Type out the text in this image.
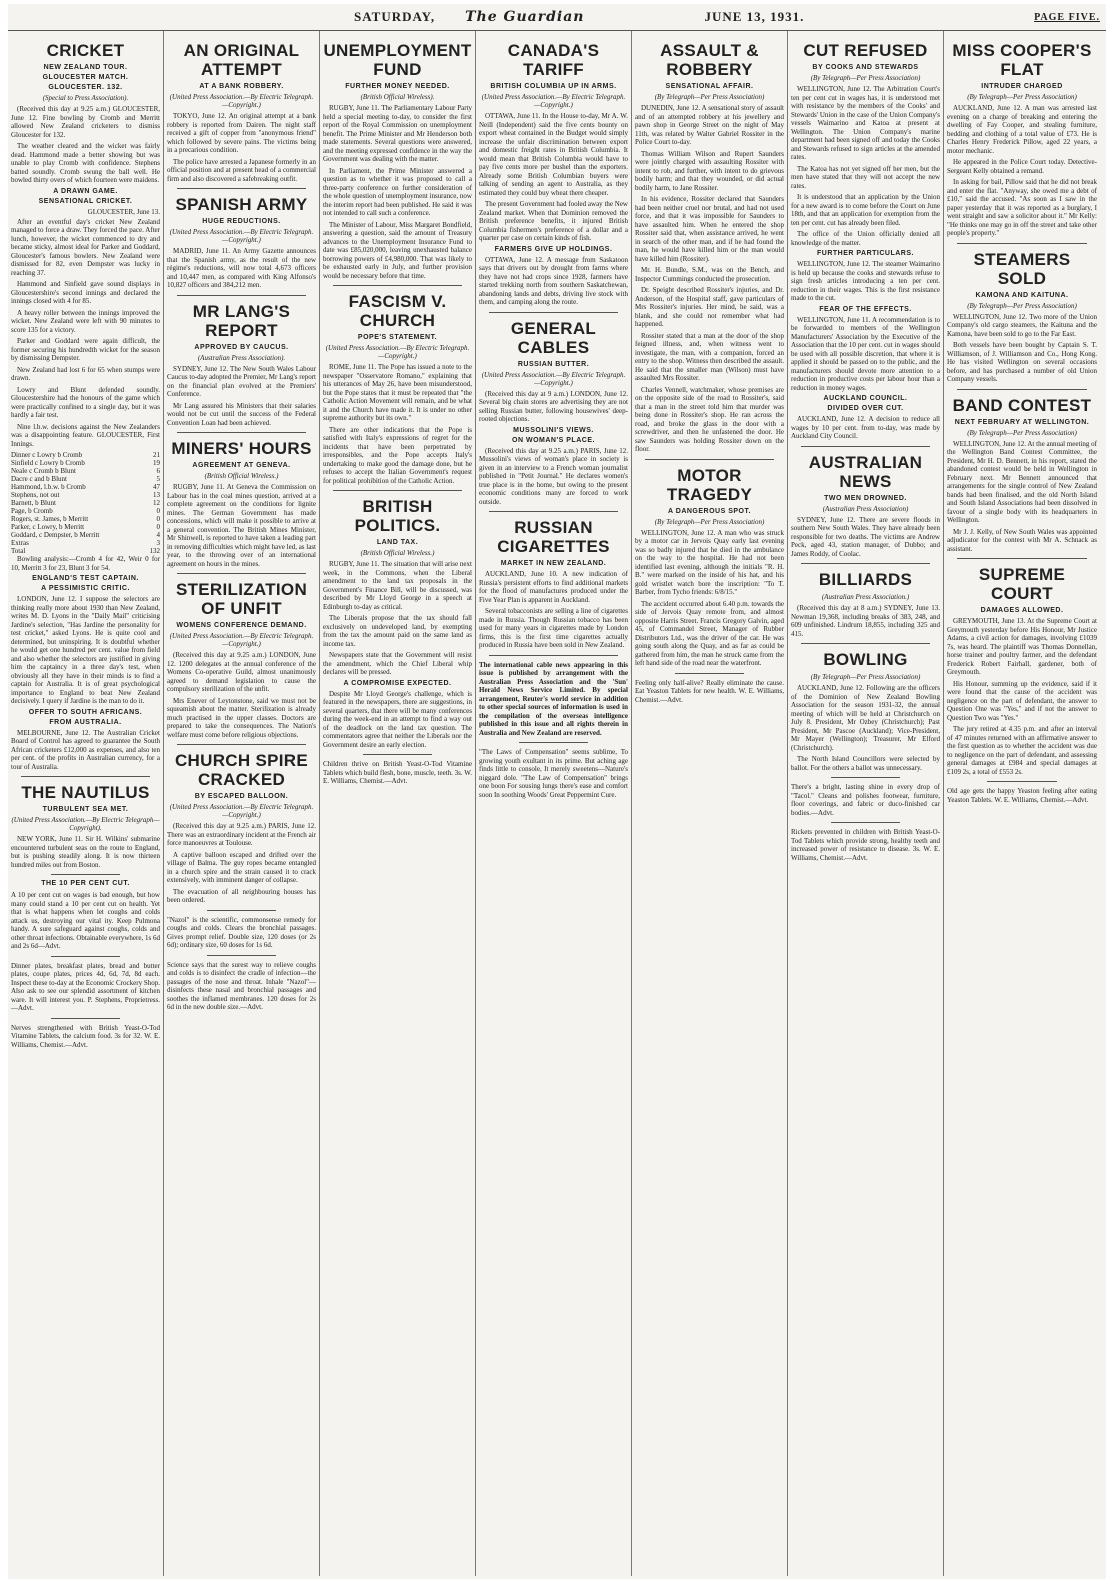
SATURDAY, The Guardian	JUNE 13, 1931.	PAGE FIVE.
CRICKET
NEW ZEALAND TOUR.
GLOUCESTER MATCH.
GLOUCESTER. 132.
(Special to Press Association).

(Received this day at 9.25 a.m.) GLOUCESTER, June 12. Fine bowling by Cromb and Merritt allowed New Zealand cricketers to dismiss Gloucester for 132.

The weather cleared and the wicket was fairly dead. Hammond made a better showing but was unable to play Cromb with confidence. Stephens batted soundly. Cromb swung the ball well. He bowled thirty overs of which fourteen were maidens.

A DRAWN GAME.
SENSATIONAL CRICKET.
GLOUCESTER, June 13.

After an eventful day's cricket New Zealand managed to force a draw. They forced the pace. After lunch, however, the wicket commenced to dry and became sticky, almost ideal for Parker and Goddard, Gloucester's famous bowlers. New Zealand were dismissed for 82, even Dempster was lucky in reaching 37.

Hammond and Sinfield gave sound displays in Gloucestershire's second innings and declared the innings closed with 4 for 85.

A heavy roller between the innings improved the wicket. New Zealand were left with 90 minutes to score 135 for a victory.

Parker and Goddard were again difficult, the former securing his hundredth wicket for the season by dismissing Dempster.

New Zealand had lost 6 for 65 when stumps were drawn.

Lowry and Blunt defended soundly. Gloucestershire had the honours of the game which were practically confined to a single day, but it was hardly a fair test.

Nine l.b.w. decisions against the New Zealanders was a disappointing feature. GLOUCESTER, First Innings.

Dinner c Lowry b Cromb	21
Sinfield c Lowry b Cromb	19
Neale c Cromb b Blunt	6
Dacre c and b Blunt	5
Hammond, l.b.w. b Cromb	47
Stephens, not out	13
Barnett, b Blunt	12
Page, b Cromb	0
Rogers, st. James, b Merritt	0
Parker, c Lowry, b Merritt	0
Goddard, c Dempster, b Merritt	4
Extras	3
Total	132

Bowling analysis:—Cromb 4 for 42, Weir 0 for 10, Merritt 3 for 23, Blunt 3 for 54.

ENGLAND'S TEST CAPTAIN.
A PESSIMISTIC CRITIC.

LONDON, June 12. I suppose the selectors are thinking really more about 1930 than New Zealand, writes M. D. Lyons in the "Daily Mail" criticising Jardine's selection, "Has Jardine the personality for test cricket," asked Lyons. He is quite cool and determined, but uninspiring. It is doubtful whether he would get one hundred per cent. value from field and also whether the selectors are justified in giving him the captaincy in a three day's test, when obviously all they have in their minds is to find a captain for Australia. It is of great psychological importance to England to beat New Zealand decisively. I query if Jardine is the man to do it.

OFFER TO SOUTH AFRICANS.
FROM AUSTRALIA.

MELBOURNE, June 12. The Australian Cricket Board of Control has agreed to guarantee the South African cricketers £12,000 as expenses, and also ten per cent. of the profits in Australian currency, for a tour of Australia.

THE NAUTILUS
TURBULENT SEA MET.
(United Press Association.—By Electric Telegraph—Copyright).

NEW YORK, June 11. Sir H. Wilkins' submarine encountered turbulent seas on the route to England, but is pushing steadily along. It is now thirteen hundred miles out from Boston.

THE 10 PER CENT CUT.

A 10 per cent cut on wages is bad enough, but how many could stand a 10 per cent cut on health. Yet that is what happens when let coughs and colds attack us, destroying our vital ity. Keep Pulmona handy. A sure safeguard against coughs, colds and other throat infections. Obtainable everywhere, 1s 6d and 2s 6d—Advt.

Dinner plates, breakfast plates, bread and butter plates, coupe plates, prices 4d, 6d, 7d, 8d each. Inspect these to-day at the Economic Crockery Shop. Also ask to see our splendid assortment of kitchen ware. It will interest you. P. Stephens, Proprietress.—Advt.

Nerves strengthened with British Yeast-O-Tod Vitamine Tablets, the calcium food. 3s for 32. W. E. Williams, Chemist.—Advt.

AN ORIGINAL ATTEMPT
AT A BANK ROBBERY.
(United Press Association.—By Electric Telegraph.—Copyright.)

TOKYO, June 12. An original attempt at a bank robbery is reported from Dairen. The night staff received a gift of copper from "anonymous friend" which followed by severe pains. The victims being in a precarious condition.

The police have arrested a Japanese formerly in an official position and at present head of a commercial firm and also discovered a safebreaking outfit.

SPANISH ARMY
HUGE REDUCTIONS.
(United Press Association.—By Electric Telegraph.—Copyright.)

MADRID, June 11. An Army Gazette announces that the Spanish army, as the result of the new régime's reductions, will now total 4,673 officers and 10,447 men, as compared with King Alfonso's 10,827 officers and 384,212 men.

MR LANG'S REPORT
APPROVED BY CAUCUS.
(Australian Press Association).

SYDNEY, June 12. The New South Wales Labour Caucus to-day adopted the Premier, Mr Lang's report on the financial plan evolved at the Premiers' Conference.

Mr Lang assured his Ministers that their salaries would not be cut until the success of the Federal Convention Loan had been achieved.

MINERS' HOURS
AGREEMENT AT GENEVA.
(British Official Wireless.)

RUGBY, June 11. At Geneva the Commission on Labour has in the coal mines question, arrived at a complete agreement on the conditions for lignite mines. The German Government has made concessions, which will make it possible to arrive at a general convention. The British Mines Minister, Mr Shinwell, is reported to have taken a leading part in removing difficulties which might have led, as last year, to the throwing over of an international agreement on hours in the mines.

STERILIZATION OF UNFIT
WOMENS CONFERENCE DEMAND.
(United Press Association.—By Electric Telegraph.—Copyright.)

(Received this day at 9.25 a.m.) LONDON, June 12. 1200 delegates at the annual conference of the Womens Co-operative Guild, almost unanimously agreed to demand legislation to cause the compulsory sterilization of the unfit.

Mrs Enever of Leytonstone, said we must not be squeamish about the matter. Sterilization is already much practised in the upper classes. Doctors are prepared to take the consequences. The Nation's welfare must come before religious objections.

CHURCH SPIRE CRACKED
BY ESCAPED BALLOON.
(United Press Association.—By Electric Telegraph.—Copyright.)

(Received this day at 9.25 a.m.) PARIS, June 12. There was an extraordinary incident at the French air force manoeuvres at Toulouse.

A captive balloon escaped and drifted over the village of Balma. The guy ropes became entangled in a church spire and the strain caused it to crack extensively, with imminent danger of collapse.

The evacuation of all neighbouring houses has been ordered.

"Nazol" is the scientific, commonsense remedy for coughs and colds. Clears the bronchial passages. Gives prompt relief. Double size, 120 doses (or 2s 6d); ordinary size, 60 doses for 1s 6d.

Science says that the surest way to relieve coughs and colds is to disinfect the cradle of infection—the passages of the nose and throat. Inhale "Nazol"—disinfects these nasal and bronchial passages and soothes the inflamed membranes. 120 doses for 2s 6d in the new double size.—Advt.

UNEMPLOYMENT FUND
FURTHER MONEY NEEDED.
(British Official Wireless).

RUGBY, June 11. The Parliamentary Labour Party held a special meeting to-day, to consider the first report of the Royal Commission on unemployment benefit. The Prime Minister and Mr Henderson both made statements. Several questions were answered, and the meeting expressed confidence in the way the Government was dealing with the matter.

In Parliament, the Prime Minister answered a question as to whether it was proposed to call a three-party conference on further consideration of the whole question of unemployment insurance, now the interim report had been published. He said it was not intended to call such a conference.

The Minister of Labour, Miss Margaret Bondfield, answering a question, said the amount of Treasury advances to the Unemployment Insurance Fund to date was £85,020,000, leaving unexhausted balance borrowing powers of £4,980,000. That was likely to be exhausted early in July, and further provision would be necessary before that time.

FASCISM V. CHURCH
POPE'S STATEMENT.
(United Press Association.—By Electric Telegraph.—Copyright.)

ROME, June 11. The Pope has issued a note to the newspaper "Osservatore Romano," explaining that his utterances of May 26, have been misunderstood, but the Pope states that it must be repeated that "the Catholic Action Movement will remain, and be what it and the Church have made it. It is under no other supreme authority but its own."

There are other indications that the Pope is satisfied with Italy's expressions of regret for the incidents that have been perpetrated by irresponsibles, and the Pope accepts Italy's undertaking to make good the damage done, but he refuses to accept the Italian Government's request for political prohibition of the Catholic Action.

BRITISH POLITICS.
LAND TAX.
(British Official Wireless.)

RUGBY, June 11. The situation that will arise next week, in the Commons, when the Liberal amendment to the land tax proposals in the Government's Finance Bill, will be discussed, was described by Mr Lloyd George in a speech at Edinburgh to-day as critical.

The Liberals propose that the tax should fall exclusively on undeveloped land, by exempting from the tax the amount paid on the same land as income tax.

Newspapers state that the Government will resist the amendment, which the Chief Liberal whip declares will be pressed.

A COMPROMISE EXPECTED.

Despite Mr Lloyd George's challenge, which is featured in the newspapers, there are suggestions, in several quarters, that there will be many conferences during the week-end in an attempt to find a way out of the deadlock on the land tax question. The commentators agree that neither the Liberals nor the Government desire an early election.

Children thrive on British Yeast-O-Tod Vitamine Tablets which build flesh, bone, muscle, teeth. 3s. W. E. Williams, Chemist.—Advt.

CANADA'S TARIFF
BRITISH COLUMBIA UP IN ARMS.
(United Press Association.—By Electric Telegraph.—Copyright.)

OTTAWA, June 11. In the House to-day, Mr A. W. Neill (Independent) said the five cents bounty on export wheat contained in the Budget would simply increase the unfair discrimination between export and domestic freight rates in British Columbia. It would mean that British Columbia would have to pay five cents more per bushel than the exporters. Already some British Columbian buyers were talking of sending an agent to Australia, as they estimated they could buy wheat there cheaper.

The present Government had fooled away the New Zealand market. When that Dominion removed the British preference benefits, it injured British Columbia fishermen's preference of a dollar and a quarter per case on certain kinds of fish.

FARMERS GIVE UP HOLDINGS.

OTTAWA, June 12. A message from Saskatoon says that drivers out by drought from farms where they have not had crops since 1928, farmers have started trekking north from southern Saskatchewan, abandoning lands and debts, driving live stock with them, and camping along the route.

GENERAL CABLES
RUSSIAN BUTTER.
(United Press Association.—By Electric Telegraph.—Copyright.)

(Received this day at 9 a.m.) LONDON, June 12. Several big chain stores are advertising they are not selling Russian butter, following housewives' deep-rooted objections.

MUSSOLINI'S VIEWS.
ON WOMAN'S PLACE.

(Received this day at 9.25 a.m.) PARIS, June 12. Mussolini's views of woman's place in society is given in an interview to a French woman journalist published in "Petit Journal." He declares women's true place is in the home, but owing to the present economic conditions many are forced to work outside.

RUSSIAN CIGARETTES
MARKET IN NEW ZEALAND.

AUCKLAND, June 10. A new indication of Russia's persistent efforts to find additional markets for the flood of manufactures produced under the Five Year Plan is apparent in Auckland.

Several tobacconists are selling a line of cigarettes made in Russia. Though Russian tobacco has been used for many years in cigarettes made by London firms, this is the first time cigarettes actually produced in Russia have been sold in New Zealand.

The international cable news appearing in this issue is published by arrangement with the Australian Press Association and the 'Sun' Herald News Service Limited. By special arrangement, Reuter's world service in addition to other special sources of information is used in the compilation of the overseas intelligence published in this issue and all rights therein in Australia and New Zealand are reserved.

"The Laws of Compensation" seems sublime, To growing youth exultant in its prime. But aching age finds little to console, It merely sweetens—Nature's niggard dole. "The Law of Compensation" brings one boon For sousing lungs there's ease and comfort soon In soothing Woods' Great Peppermint Cure.

ASSAULT & ROBBERY
SENSATIONAL AFFAIR.
(By Telegraph—Per Press Association)

DUNEDIN, June 12. A sensational story of assault and of an attempted robbery at his jewellery and pawn shop in George Street on the night of May 11th, was related by Walter Gabriel Rossiter in the Police Court to-day.

Thomas William Wilson and Rupert Saunders were jointly charged with assaulting Rossiter with intent to rob, and further, with intent to do grievous bodily harm; and that they wounded, or did actual bodily harm, to Jane Rossiter.

In his evidence, Rossiter declared that Saunders had been neither cruel nor brutal, and had not used force, and that it was impossible for Saunders to have assaulted him. When he entered the shop Rossiter said that, when assistance arrived, he went in search of the other man, and if he had found the man, he would have killed him or the man would have killed him (Rossiter).

Mr. H. Bundle, S.M., was on the Bench, and Inspector Cummings conducted the prosecution.

Dr. Speight described Rossiter's injuries, and Dr. Anderson, of the Hospital staff, gave particulars of Mrs Rossiter's injuries. Her mind, he said, was a blank, and she could not remember what had happened.

Rossiter stated that a man at the door of the shop feigned illness, and, when witness went to investigate, the man, with a companion, forced an entry to the shop. Witness then described the assault. He said that the smaller man (Wilson) must have assaulted Mrs Rossiter.

Charles Vennell, watchmaker, whose premises are on the opposite side of the road to Rossiter's, said that a man in the street told him that murder was being done in Rossiter's shop. He ran across the road, and broke the glass in the door with a screwdriver, and then he unfastened the door. He saw Saunders was holding Rossiter down on the floor.

MOTOR TRAGEDY
A DANGEROUS SPOT.
(By Telegraph—Per Press Association)

WELLINGTON, June 12. A man who was struck by a motor car in Jervois Quay early last evening was so badly injured that he died in the ambulance on the way to the hospital. He had not been identified last evening, although the initials "R. H. B." were marked on the inside of his hat, and his gold wristlet watch bore the inscription: "To T. Barber, from Tycho friends: 6/8/15."

The accident occurred about 6.40 p.m. towards the side of Jervois Quay remote from, and almost opposite Harris Street. Francis Gregory Galvin, aged 45, of Commandel Street, Manager of Rubber Distributors Ltd., was the driver of the car. He was going south along the Quay, and as far as could be gathered from him, the man he struck came from the left hand side of the road near the waterfront.

Feeling only half-alive? Really eliminate the cause. Eat Yeaston Tablets for new health. W. E. Williams, Chemist.—Advt.

CUT REFUSED
BY COOKS AND STEWARDS
(By Telegraph—Per Press Association)

WELLINGTON, June 12. The Arbitration Court's ten per cent cut in wages has, it is understood met with resistance by the members of the Cooks' and Stewards' Union in the case of the Union Company's vessels Waimarino and Katoa at present at Wellington. The Union Company's marine department had been signed off and today the Cooks and Stewards refused to sign articles at the amended rates.

The Katoa has not yet signed off her men, but the men have stated that they will not accept the new rates.

It is understood that an application by the Union for a new award is to come before the Court on June 18th, and that an application for exemption from the ten per cent. cut has already been filed.

The office of the Union officially denied all knowledge of the matter.

FURTHER PARTICULARS.

WELLINGTON, June 12. The steamer Waimarino is held up because the cooks and stewards refuse to sign fresh articles introducing a ten per cent. reduction in their wages. This is the first resistance made to the cut.

FEAR OF THE EFFECTS.

WELLINGTON, June 11. A recommendation is to be forwarded to members of the Wellington Manufacturers' Association by the Executive of the Association that the 10 per cent. cut in wages should be used with all possible discretion, that where it is applied it should be passed on to the public, and the manufacturers should devote more attention to a reduction in productive costs per labour hour than a reduction in money wages.

AUCKLAND COUNCIL.
DIVIDED OVER CUT.

AUCKLAND, June 12. A decision to reduce all wages by 10 per cent. from to-day, was made by Auckland City Council.

AUSTRALIAN NEWS
TWO MEN DROWNED.
(Australian Press Association)

SYDNEY, June 12. There are severe floods in southern New South Wales. They have already been responsible for two deaths. The victims are Andrew Peck, aged 43, station manager, of Dubbo; and James Roddy, of Coolac.

BILLIARDS
(Australian Press Association.)

(Received this day at 8 a.m.) SYDNEY, June 13. Newman 19,368, including breaks of 383, 248, and 609 unfinished. Lindrum 18,855, including 325 and 415.

BOWLING
(By Telegraph—Per Press Association)

AUCKLAND, June 12. Following are the officers of the Dominion of New Zealand Bowling Association for the season 1931-32, the annual meeting of which will be held at Christchurch on July 8. President, Mr Ozbey (Christchurch); Past President, Mr Pascoe (Auckland); Vice-President, Mr Mayer (Wellington); Treasurer, Mr Elford (Christchurch).

The North Island Councillors were selected by ballot. For the others a ballot was unnecessary.

There's a bright, lasting shine in every drop of "Tacol." Cleans and polishes footwear, furniture, floor coverings, and fabric or duco-finished car bodies.—Advt.

Rickets prevented in children with British Yeast-O-Tod Tablets which provide strong, healthy teeth and increased power of resistance to disease. 3s. W. E. Williams, Chemist.—Advt.

MISS COOPER'S FLAT
INTRUDER CHARGED
(By Telegraph—Per Press Association)

AUCKLAND, June 12. A man was arrested last evening on a charge of breaking and entering the dwelling of Fay Cooper, and stealing furniture, bedding and clothing of a total value of £73. He is Charles Henry Frederick Pillow, aged 22 years, a motor mechanic.

He appeared in the Police Court today. Detective-Sergeant Kelly obtained a remand.

In asking for bail, Pillow said that he did not break and enter the flat. "Anyway, she owed me a debt of £10," said the accused. "As soon as I saw in the paper yesterday that it was reported as a burglary, I went straight and saw a solicitor about it." Mr Kelly: "He thinks one may go in off the street and take other people's property."

STEAMERS SOLD
KAMONA AND KAITUNA.
(By Telegraph—Per Press Association)

WELLINGTON, June 12. Two more of the Union Company's old cargo steamers, the Kaituna and the Kamona, have been sold to go to the Far East.

Both vessels have been bought by Captain S. T. Williamson, of J. Williamson and Co., Hong Kong. He has visited Wellington on several occasions before, and has purchased a number of old Union Company vessels.

BAND CONTEST
NEXT FEBRUARY AT WELLINGTON.
(By Telegraph—Per Press Association)

WELLINGTON, June 12. At the annual meeting of the Wellington Band Contest Committee, the President, Mr H. D. Bennett, in his report, stated the abandoned contest would be held in Wellington in February next. Mr Bennett announced that arrangements for the single control of New Zealand bands had been finalised, and the old North Island and South Island Associations had been dissolved in favour of a single body with its headquarters in Wellington.

Mr J. J. Kelly, of New South Wales was appointed adjudicator for the contest with Mr A. Schnack as assistant.

SUPREME COURT
DAMAGES ALLOWED.

GREYMOUTH, June 13. At the Supreme Court at Greymouth yesterday before His Honour, Mr Justice Adams, a civil action for damages, involving £1039 7s, was heard. The plaintiff was Thomas Donnellan, horse trainer and poultry farmer, and the defendant Frederick Robert Fairhall, gardener, both of Greymouth.

His Honour, summing up the evidence, said if it were found that the cause of the accident was negligence on the part of defendant, the answer to Question One was "Yes," and if not the answer to Question Two was "Yes."

The jury retired at 4.35 p.m. and after an interval of 47 minutes returned with an affirmative answer to the first question as to whether the accident was due to negligence on the part of defendant, and assessing general damages at £984 and special damages at £109 2s, a total of £553 2s.

Old age gets the happy Yeaston feeling after eating Yeaston Tablets. W. E. Williams, Chemist.—Advt.
